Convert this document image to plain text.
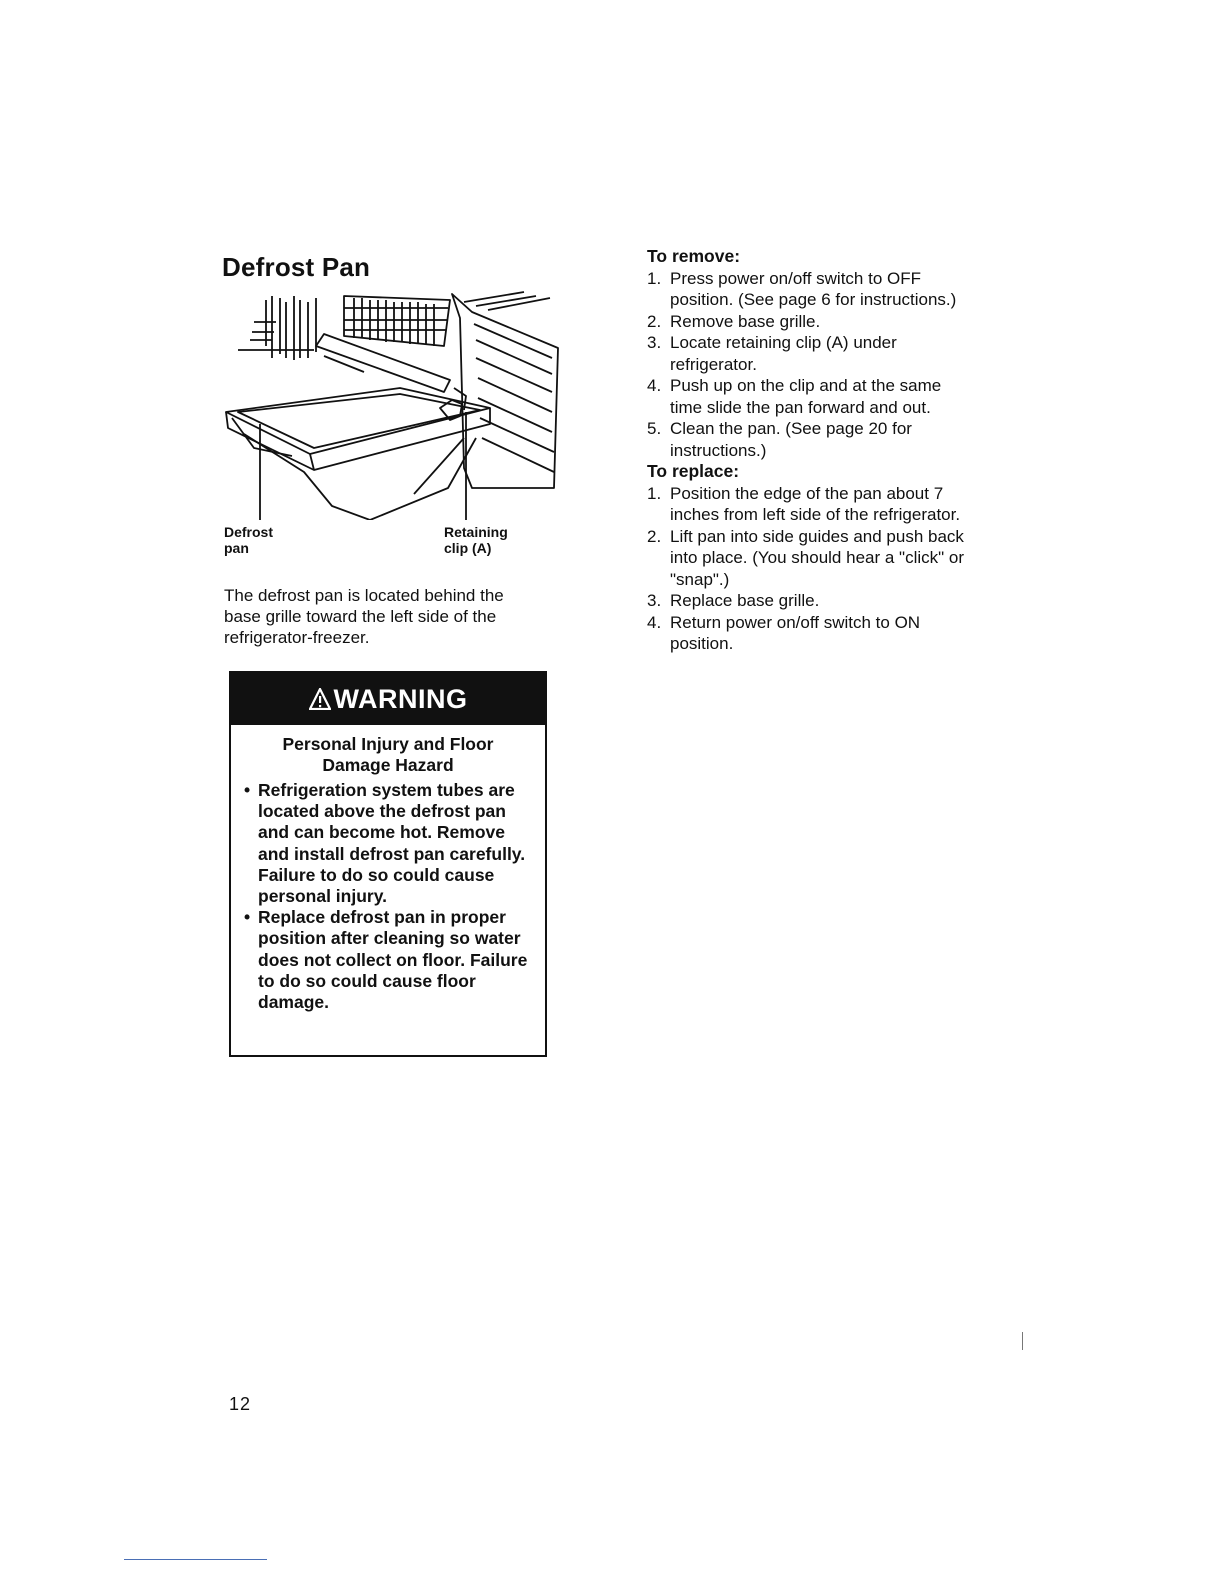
Defrost Pan
Defrost
pan
Retaining
clip (A)
The defrost pan is located behind the base grille toward the left side of the refrigerator-freezer.
WARNING
Personal Injury and Floor
Damage Hazard
• Refrigeration system tubes are located above the defrost pan and can become hot. Remove and install defrost pan carefully. Failure to do so could cause personal injury.
• Replace defrost pan in proper position after cleaning so water does not collect on floor. Failure to do so could cause floor damage.
To remove:
1. Press power on/off switch to OFF position. (See page 6 for instructions.)
2. Remove base grille.
3. Locate retaining clip (A) under refrigerator.
4. Push up on the clip and at the same time slide the pan forward and out.
5. Clean the pan. (See page 20 for instructions.)
To replace:
1. Position the edge of the pan about 7 inches from left side of the refrigerator.
2. Lift pan into side guides and push back into place. (You should hear a "click" or "snap".)
3. Replace base grille.
4. Return power on/off switch to ON position.
12
